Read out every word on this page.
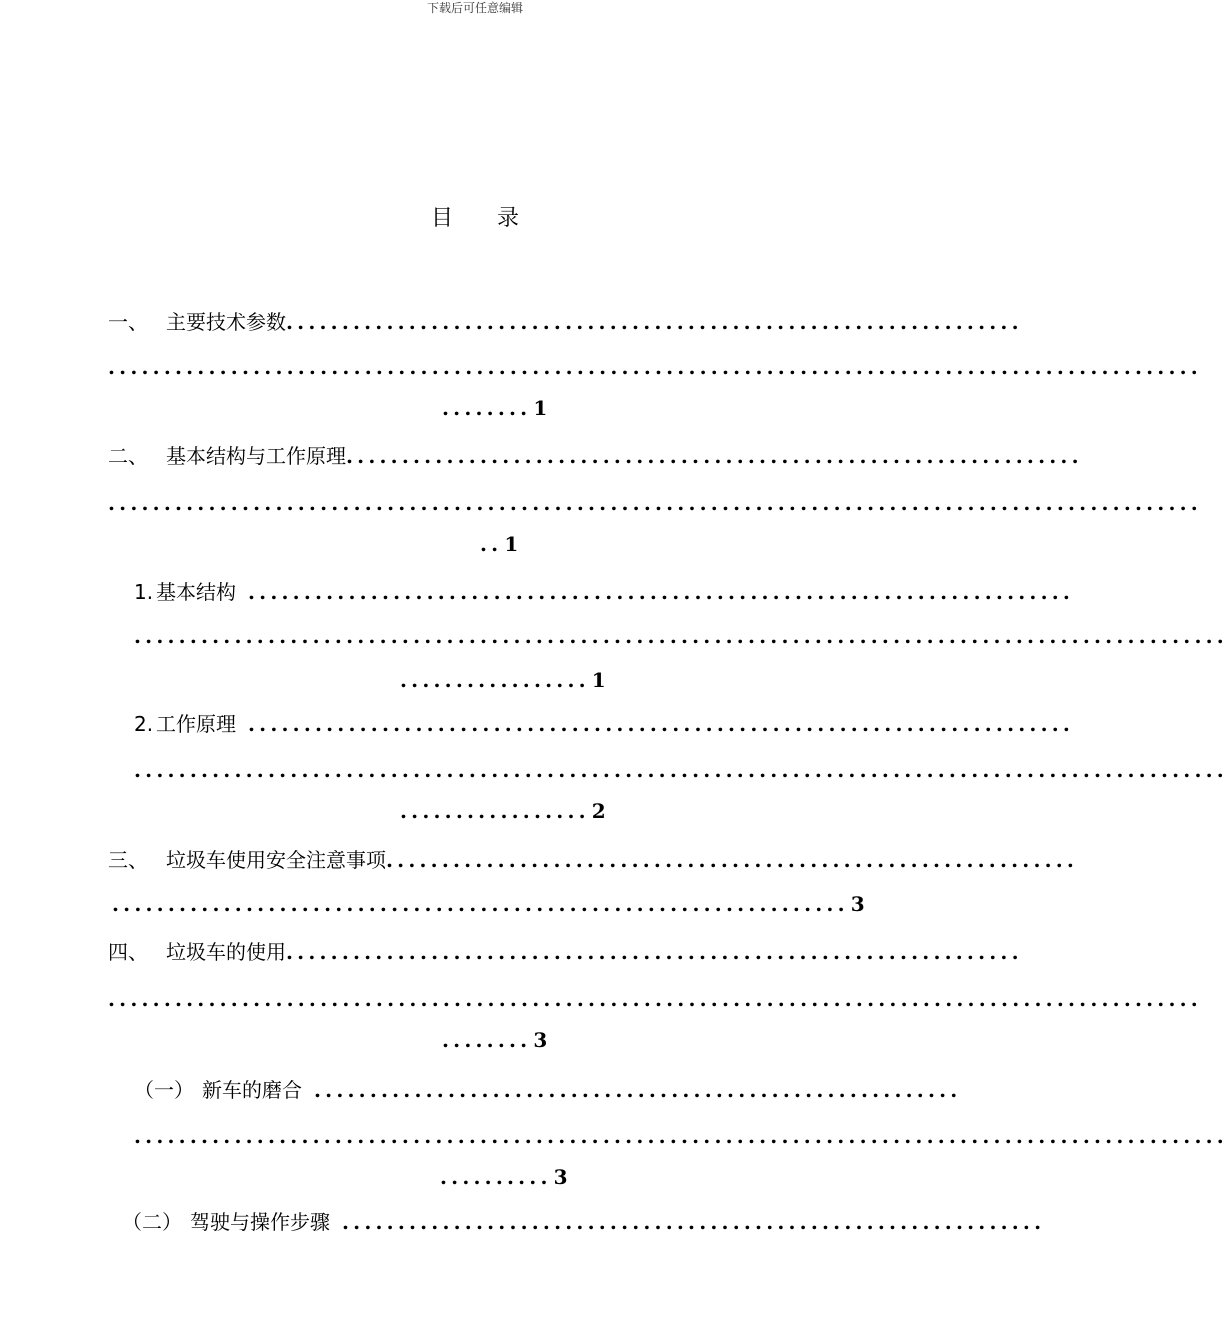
下载后可任意编辑
目录
一、 主要技术参数..................................................................
..................................................................................................
........ 1
二、 基本结构与工作原理..................................................................
..................................................................................................
.. 1
1. 基本结构 ..........................................................................
..................................................................................................
................. 1
2. 工作原理 ..........................................................................
..................................................................................................
................. 2
三、 垃圾车使用安全注意事项..............................................................
.................................................................. 3
四、 垃圾车的使用..................................................................
..................................................................................................
........ 3
（一） 新车的磨合 ..........................................................
..................................................................................................
.......... 3
（二） 驾驶与操作步骤 ...............................................................
